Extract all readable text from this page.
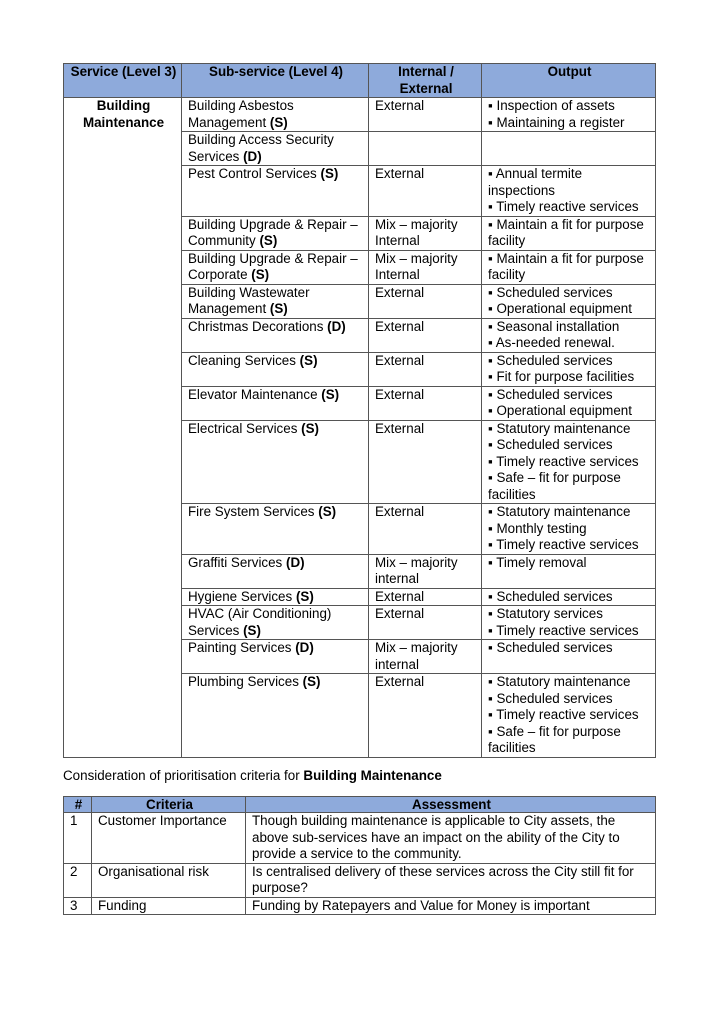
Service (Level 3)	Sub-service (Level 4)	Internal / External	Output
Building Maintenance	Building Asbestos Management (S)	External	▪ Inspection of assets
▪ Maintaining a register

	Building Access Security Services (D)		
	Pest Control Services (S)	External	▪ Annual termite inspections
▪ Timely reactive services

	Building Upgrade & Repair – Community (S)	Mix – majority Internal	▪ Maintain a fit for purpose facility

	Building Upgrade & Repair – Corporate (S)	Mix – majority Internal	▪ Maintain a fit for purpose facility

	Building Wastewater Management (S)	External	▪ Scheduled services
▪ Operational equipment

	Christmas Decorations (D)	External	▪ Seasonal installation
▪ As-needed renewal.

	Cleaning Services (S)	External	▪ Scheduled services
▪ Fit for purpose facilities

	Elevator Maintenance (S)	External	▪ Scheduled services
▪ Operational equipment

	Electrical Services (S)	External	▪ Statutory maintenance
▪ Scheduled services
▪ Timely reactive services
▪ Safe – fit for purpose facilities

	Fire System Services (S)	External	▪ Statutory maintenance
▪ Monthly testing
▪ Timely reactive services

	Graffiti Services (D)	Mix – majority internal	▪ Timely removal

	Hygiene Services (S)	External	▪ Scheduled services

	HVAC (Air Conditioning) Services (S)	External	▪ Statutory services
▪ Timely reactive services

	Painting Services (D)	Mix – majority internal	▪ Scheduled services

	Plumbing Services (S)	External	▪ Statutory maintenance
▪ Scheduled services
▪ Timely reactive services
▪ Safe – fit for purpose facilities
Consideration of prioritisation criteria for Building Maintenance
#	Criteria	Assessment
1	Customer Importance	Though building maintenance is applicable to City assets, the above sub-services have an impact on the ability of the City to provide a service to the community.
2	Organisational risk	Is centralised delivery of these services across the City still fit for purpose?
3	Funding	Funding by Ratepayers and Value for Money is important
